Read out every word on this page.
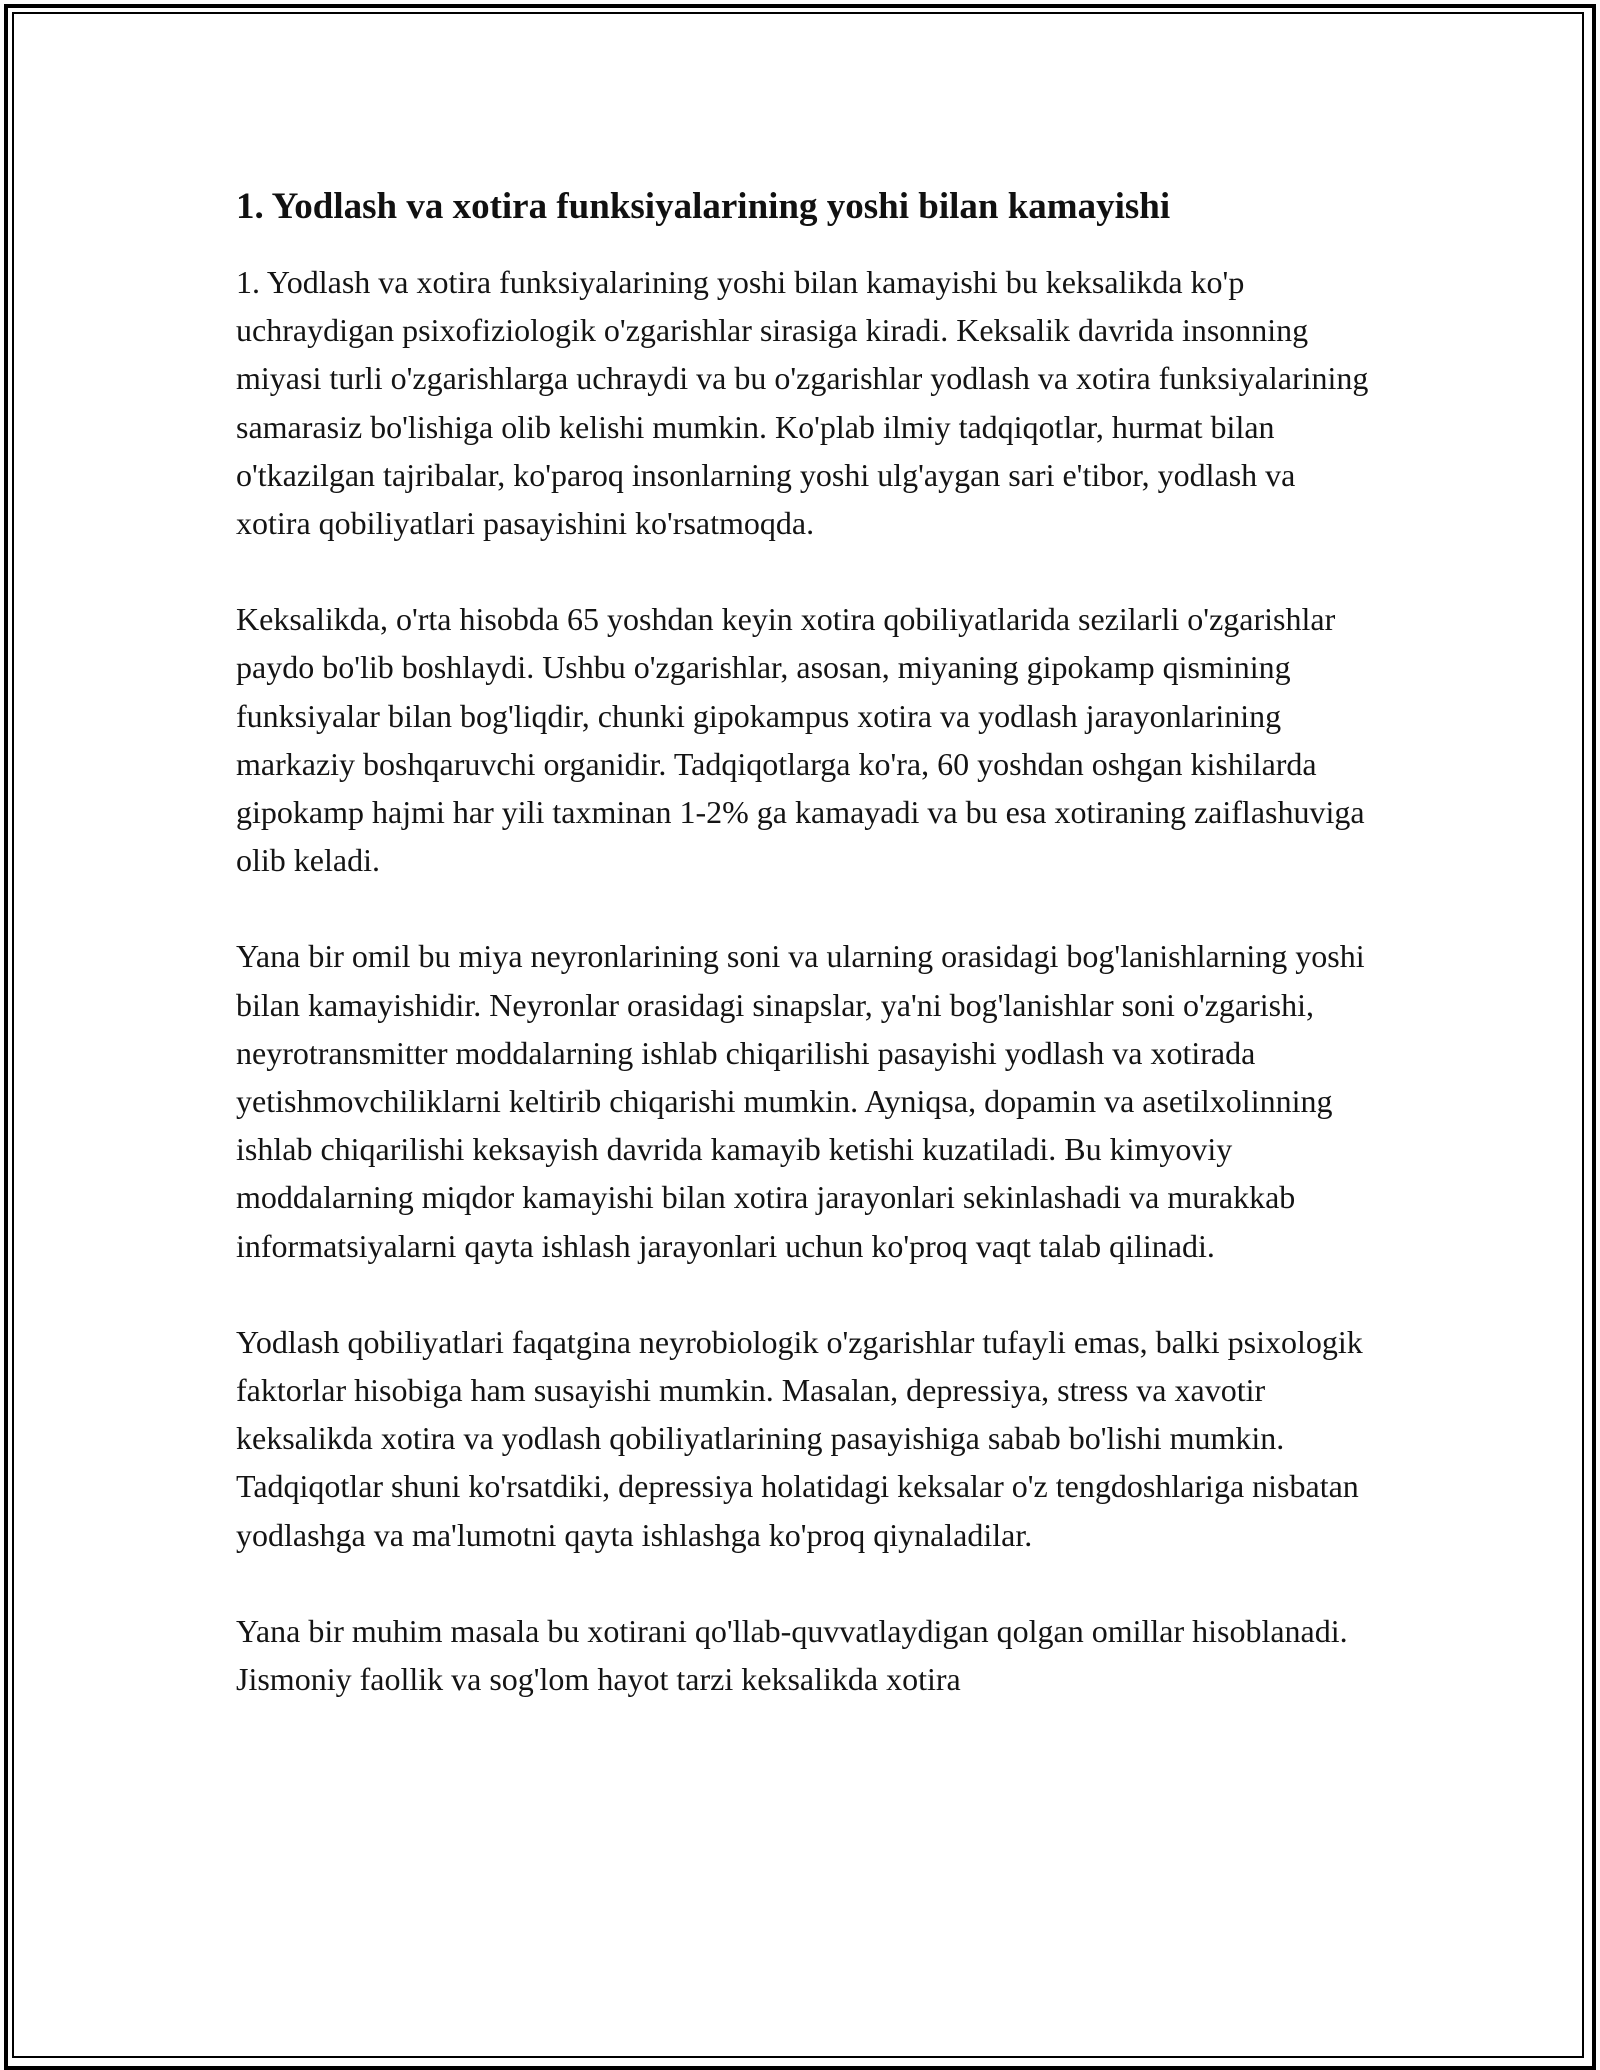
1. Yodlash va xotira funksiyalarining yoshi bilan kamayishi

1. Yodlash va xotira funksiyalarining yoshi bilan kamayishi bu keksalikda ko'p uchraydigan psixofiziologik o'zgarishlar sirasiga kiradi. Keksalik davrida insonning miyasi turli o'zgarishlarga uchraydi va bu o'zgarishlar yodlash va xotira funksiyalarining samarasiz bo'lishiga olib kelishi mumkin. Ko'plab ilmiy tadqiqotlar, hurmat bilan o'tkazilgan tajribalar, ko'paroq insonlarning yoshi ulg'aygan sari e'tibor, yodlash va xotira qobiliyatlari pasayishini ko'rsatmoqda.

Keksalikda, o'rta hisobda 65 yoshdan keyin xotira qobiliyatlarida sezilarli o'zgarishlar paydo bo'lib boshlaydi. Ushbu o'zgarishlar, asosan, miyaning gipokamp qismining funksiyalar bilan bog'liqdir, chunki gipokampus xotira va yodlash jarayonlarining markaziy boshqaruvchi organidir. Tadqiqotlarga ko'ra, 60 yoshdan oshgan kishilarda gipokamp hajmi har yili taxminan 1-2% ga kamayadi va bu esa xotiraning zaiflashuviga olib keladi.

Yana bir omil bu miya neyronlarining soni va ularning orasidagi bog'lanishlarning yoshi bilan kamayishidir. Neyronlar orasidagi sinapslar, ya'ni bog'lanishlar soni o'zgarishi, neyrotransmitter moddalarning ishlab chiqarilishi pasayishi yodlash va xotirada yetishmovchiliklarni keltirib chiqarishi mumkin. Ayniqsa, dopamin va asetilxolinning ishlab chiqarilishi keksayish davrida kamayib ketishi kuzatiladi. Bu kimyoviy moddalarning miqdor kamayishi bilan xotira jarayonlari sekinlashadi va murakkab informatsiyalarni qayta ishlash jarayonlari uchun ko'proq vaqt talab qilinadi.

Yodlash qobiliyatlari faqatgina neyrobiologik o'zgarishlar tufayli emas, balki psixologik faktorlar hisobiga ham susayishi mumkin. Masalan, depressiya, stress va xavotir keksalikda xotira va yodlash qobiliyatlarining pasayishiga sabab bo'lishi mumkin. Tadqiqotlar shuni ko'rsatdiki, depressiya holatidagi keksalar o'z tengdoshlariga nisbatan yodlashga va ma'lumotni qayta ishlashga ko'proq qiynaladilar.

Yana bir muhim masala bu xotirani qo'llab-quvvatlaydigan qolgan omillar hisoblanadi. Jismoniy faollik va sog'lom hayot tarzi keksalikda xotira
